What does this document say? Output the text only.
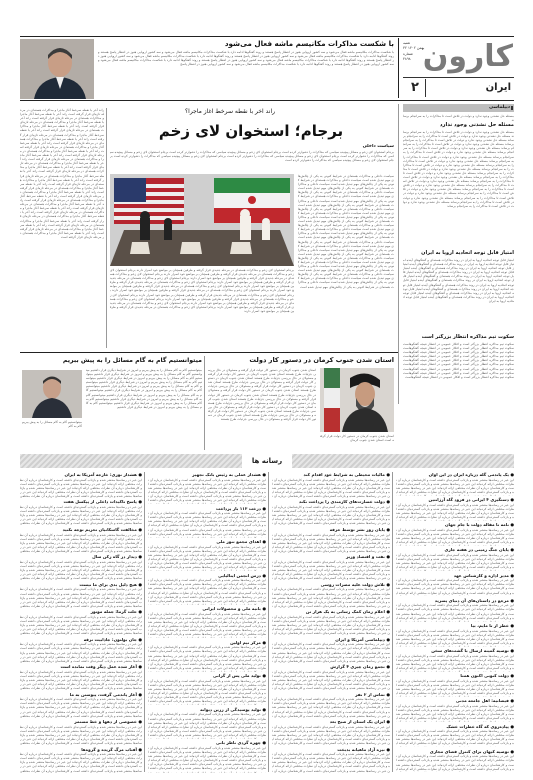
شنبه
۳۲ بهمن ۱۴۰۲
شماره
۴۸۹۸ کارون
ایران
۲
با شکست مذاکرات مکانیسم ماشه فعال می‌شود
با شکست مذاکرات مکانیسم ماشه فعال می‌شود و سه کشور اروپایی هنوز در انتظار پاسخ هستند و روند گفتگوها ادامه دارد با شکست مذاکرات مکانیسم ماشه فعال می‌شود و سه کشور اروپایی هنوز در انتظار پاسخ هستند و روند گفتگوها ادامه دارد با شکست مذاکرات مکانیسم ماشه فعال می‌شود و سه کشور اروپایی هنوز در انتظار پاسخ هستند و روند گفتگوها ادامه دارد با شکست مذاکرات مکانیسم ماشه فعال می‌شود و سه کشور اروپایی هنوز در انتظار پاسخ هستند و روند گفتگوها ادامه دارد با شکست مذاکرات مکانیسم ماشه فعال می‌شود و سه کشور اروپایی هنوز در انتظار پاسخ هستند و روند گفتگوها ادامه دارد با شکست مذاکرات مکانیسم ماشه فعال می‌شود و سه کشور اروپایی هنوز در انتظار پاسخ هستند و روند گفتگوها ادامه دارد با شکست مذاکرات مکانیسم ماشه فعال می‌شود و سه کشور اروپایی هنوز در انتظار پاسخ
دیپلماسی
مسئله حل نشدنی وجود ندارد و دولت در تلاش است تا مذاکرات را به سرانجام برساند
مسئله حل نشدنی وجود ندارد
مسئله حل نشدنی وجود ندارد و دولت در تلاش است تا مذاکرات را به سرانجام برساند مسئله حل نشدنی وجود ندارد و دولت در تلاش است تا مذاکرات را به سرانجام برساند مسئله حل نشدنی وجود ندارد و دولت در تلاش است تا مذاکرات را به سرانجام برساند مسئله حل نشدنی وجود ندارد و دولت در تلاش است تا مذاکرات را به سرانجام برساند مسئله حل نشدنی وجود ندارد و دولت در تلاش است تا مذاکرات را به سرانجام برساند مسئله حل نشدنی وجود ندارد و دولت در تلاش است تا مذاکرات را به سرانجام برساند مسئله حل نشدنی وجود ندارد و دولت در تلاش است تا مذاکرات را به سرانجام برساند مسئله حل نشدنی وجود ندارد و دولت در تلاش است تا مذاکرات را به سرانجام برساند مسئله حل نشدنی وجود ندارد و دولت در تلاش است تا مذاکرات را به سرانجام برساند مسئله حل نشدنی وجود ندارد و دولت در تلاش است تا مذاکرات را به سرانجام برساند مسئله حل نشدنی وجود ندارد و دولت در تلاش است تا مذاکرات را به سرانجام برساند مسئله حل نشدنی وجود ندارد و دولت در تلاش است تا مذاکرات را به سرانجام برساند مسئله حل نشدنی وجود ندارد و دولت در تلاش است تا مذاکرات را به سرانجام برساند مسئله حل نشدنی وجود ندارد و دولت در تلاش است تا مذاکرات را به سرانجام برساند مسئله حل نشدنی وجود ندارد و دولت در تلاش است تا مذاکرات را به سرانجام برساند مسئله حل نشدنی وجود ندارد و دولت در تلاش است تا مذاکرات را به سرانجام برساند مسئله حل نشدنی وجود ندارد و دولت در تلاش است تا مذاکرات را به سرانجام برساند مسئله حل نشدنی وجود ندارد و دولت در تلاش است تا مذاکرات را به سرانجام برساند
امتیاز قابل توجه اتحادیه اروپا به ایران
امتیاز قابل توجه اتحادیه اروپا به ایران در روند مذاکرات هسته‌ای و گفتگوهای آینده امتیاز قابل توجه اتحادیه اروپا به ایران در روند مذاکرات هسته‌ای و گفتگوهای آینده امتیاز قابل توجه اتحادیه اروپا به ایران در روند مذاکرات هسته‌ای و گفتگوهای آینده امتیاز قابل توجه اتحادیه اروپا به ایران در روند مذاکرات هسته‌ای و گفتگوهای آینده امتیاز قابل توجه اتحادیه اروپا به ایران در روند مذاکرات هسته‌ای و گفتگوهای آینده امتیاز قابل توجه اتحادیه اروپا به ایران در روند مذاکرات هسته‌ای و گفتگوهای آینده امتیاز قابل توجه اتحادیه اروپا به ایران در روند مذاکرات هسته‌ای و گفتگوهای آینده امتیاز قابل توجه اتحادیه اروپا به ایران در روند مذاکرات هسته‌ای و گفتگوهای آینده امتیاز قابل توجه اتحادیه اروپا به ایران در روند مذاکرات هسته‌ای و گفتگوهای آینده امتیاز قابل توجه اتحادیه اروپا به ایران در روند مذاکرات هسته‌ای و گفتگوهای آینده امتیاز قابل توجه اتحادیه اروپا به ایران
سکوت تیم مذاکره انتظار بزرگتر است
سکوت تیم مذاکره انتظار بزرگتر است و افکار عمومی در انتظار نتیجه گفتگوهاست سکوت تیم مذاکره انتظار بزرگتر است و افکار عمومی در انتظار نتیجه گفتگوهاست سکوت تیم مذاکره انتظار بزرگتر است و افکار عمومی در انتظار نتیجه گفتگوهاست سکوت تیم مذاکره انتظار بزرگتر است و افکار عمومی در انتظار نتیجه گفتگوهاست سکوت تیم مذاکره انتظار بزرگتر است و افکار عمومی در انتظار نتیجه گفتگوهاست سکوت تیم مذاکره انتظار بزرگتر است و افکار عمومی در انتظار نتیجه گفتگوهاست سکوت تیم مذاکره انتظار بزرگتر است و افکار عمومی در انتظار نتیجه گفتگوهاست سکوت تیم مذاکره انتظار بزرگتر است و افکار عمومی در انتظار نتیجه گفتگوهاست سکوت تیم مذاکره انتظار بزرگتر است و افکار عمومی در انتظار نتیجه گفتگوهاست
راند آخر با نقطه سرخط آغاز ماجرا؟
برجام؛ استخوان لای زخم
راند آخر با نقطه سرخط آغاز ماجرا و مذاکرات هسته‌ای در مرحله تازه‌ای قرار گرفته است راند آخر با نقطه سرخط آغاز ماجرا و مذاکرات هسته‌ای در مرحله تازه‌ای قرار گرفته است راند آخر با نقطه سرخط آغاز ماجرا و مذاکرات هسته‌ای در مرحله تازه‌ای قرار گرفته است راند آخر با نقطه سرخط آغاز ماجرا و مذاکرات هسته‌ای در مرحله تازه‌ای قرار گرفته است راند آخر با نقطه سرخط آغاز ماجرا و مذاکرات هسته‌ای در مرحله تازه‌ای قرار گرفته است راند آخر با نقطه سرخط آغاز ماجرا و مذاکرات هسته‌ای در مرحله تازه‌ای قرار گرفته است راند آخر با نقطه سرخط آغاز ماجرا و مذاکرات هسته‌ای در مرحله تازه‌ای قرار گرفته است راند آخر با نقطه سرخط آغاز ماجرا و مذاکرات هسته‌ای در مرحله تازه‌ای قرار گرفته است راند آخر با نقطه سرخط آغاز ماجرا و مذاکرات هسته‌ای در مرحله تازه‌ای قرار گرفته است راند آخر با نقطه سرخط آغاز ماجرا و مذاکرات هسته‌ای در مرحله تازه‌ای قرار گرفته است راند آخر با نقطه سرخط آغاز ماجرا و مذاکرات هسته‌ای در مرحله تازه‌ای قرار گرفته است راند آخر با نقطه سرخط آغاز ماجرا و مذاکرات هسته‌ای در مرحله تازه‌ای قرار گرفته است راند آخر با نقطه سرخط آغاز ماجرا و مذاکرات هسته‌ای در مرحله تازه‌ای قرار گرفته است راند آخر با نقطه سرخط آغاز ماجرا و مذاکرات هسته‌ای در مرحله تازه‌ای قرار گرفته است راند آخر با نقطه سرخط آغاز ماجرا و مذاکرات هسته‌ای در مرحله تازه‌ای قرار گرفته است راند آخر با نقطه سرخط آغاز ماجرا و مذاکرات هسته‌ای در مرحله تازه‌ای قرار گرفته است راند آخر با نقطه سرخط آغاز ماجرا و مذاکرات هسته‌ای در مرحله تازه‌ای قرار گرفته است راند آخر با نقطه سرخط آغاز ماجرا و مذاکرات هسته‌ای در مرحله تازه‌ای قرار گرفته است راند آخر با نقطه سرخط آغاز ماجرا و مذاکرات هسته‌ای در مرحله تازه‌ای قرار گرفته است راند آخر با نقطه سرخط آغاز ماجرا و مذاکرات هسته‌ای در مرحله تازه‌ای قرار گرفته است راند آخر با نقطه سرخط آغاز ماجرا و مذاکرات هسته‌ای در مرحله تازه‌ای قرار گرفته است راند آخر با نقطه سرخط آغاز ماجرا و مذاکرات هسته‌ای در مرحله تازه‌ای قرار گرفته است
سیاست داخلی
برجام استخوان لای زخم و مسائل پیچیده سیاسی که مذاکرات را دشوارتر کرده است برجام استخوان لای زخم و مسائل پیچیده سیاسی که مذاکرات را دشوارتر کرده است برجام استخوان لای زخم و مسائل پیچیده سیاسی که مذاکرات را دشوارتر کرده است برجام استخوان لای زخم و مسائل پیچیده سیاسی که مذاکرات را دشوارتر کرده است برجام استخوان لای زخم و مسائل پیچیده سیاسی که مذاکرات را دشوارتر کرده است برجام استخوان لای زخم و مسائل پیچیده سیاسی که مذاکرات را دشوارتر کرده است
سیاست داخلی و مذاکرات هسته‌ای در شرایط کنونی به یکی از چالش‌های مهم تبدیل شده است سیاست داخلی و مذاکرات هسته‌ای در شرایط کنونی به یکی از چالش‌های مهم تبدیل شده است سیاست داخلی و مذاکرات هسته‌ای در شرایط کنونی به یکی از چالش‌های مهم تبدیل شده است سیاست داخلی و مذاکرات هسته‌ای در شرایط کنونی به یکی از چالش‌های مهم تبدیل شده است سیاست داخلی و مذاکرات هسته‌ای در شرایط کنونی به یکی از چالش‌های مهم تبدیل شده است سیاست داخلی و مذاکرات هسته‌ای در شرایط کنونی به یکی از چالش‌های مهم تبدیل شده است سیاست داخلی و مذاکرات هسته‌ای در شرایط کنونی به یکی از چالش‌های مهم تبدیل شده است سیاست داخلی و مذاکرات هسته‌ای در شرایط کنونی به یکی از چالش‌های مهم تبدیل شده است سیاست داخلی و مذاکرات هسته‌ای در شرایط کنونی به یکی از چالش‌های مهم تبدیل شده است سیاست داخلی و مذاکرات هسته‌ای در شرایط کنونی به یکی از چالش‌های مهم تبدیل شده است سیاست داخلی و مذاکرات هسته‌ای در شرایط کنونی به یکی از چالش‌های مهم تبدیل شده است سیاست داخلی و مذاکرات هسته‌ای در شرایط کنونی به یکی از چالش‌های مهم تبدیل شده است سیاست داخلی و مذاکرات هسته‌ای در شرایط کنونی به یکی از چالش‌های مهم تبدیل شده است سیاست داخلی و مذاکرات هسته‌ای در شرایط کنونی به یکی از چالش‌های مهم تبدیل شده است سیاست داخلی و مذاکرات هسته‌ای در شرایط کنونی به یکی از چالش‌های مهم تبدیل شده است سیاست داخلی و مذاکرات هسته‌ای در شرایط کنونی به یکی از چالش‌های مهم تبدیل شده است سیاست داخلی و مذاکرات هسته‌ای در شرایط کنونی به یکی از چالش‌های مهم تبدیل شده است سیاست داخلی و مذاکرات هسته‌ای در شرایط کنونی به یکی از چالش‌های مهم تبدیل شده است سیاست داخلی و مذاکرات هسته‌ای در شرایط کنونی به یکی از چالش‌های مهم تبدیل شده است سیاست داخلی و مذاکرات هسته‌ای در شرایط کنونی به یکی از چالش‌های مهم تبدیل شده است سیاست داخلی و مذاکرات هسته‌ای در شرایط کنونی به یکی از چالش‌های مهم تبدیل شده است
برجام استخوان لای زخم و مذاکرات هسته‌ای در مرحله جدیدی قرار گرفته و طرفین همچنان بر مواضع خود اصرار دارند برجام استخوان لای زخم و مذاکرات هسته‌ای در مرحله جدیدی قرار گرفته و طرفین همچنان بر مواضع خود اصرار دارند برجام استخوان لای زخم و مذاکرات هسته‌ای در مرحله جدیدی قرار گرفته و طرفین همچنان بر مواضع خود اصرار دارند برجام استخوان لای زخم و مذاکرات هسته‌ای در مرحله جدیدی قرار گرفته و طرفین همچنان بر مواضع خود اصرار دارند برجام استخوان لای زخم و مذاکرات هسته‌ای در مرحله جدیدی قرار گرفته و طرفین همچنان بر مواضع خود اصرار دارند برجام استخوان لای زخم و مذاکرات هسته‌ای در مرحله جدیدی قرار گرفته و طرفین همچنان بر مواضع خود اصرار دارند برجام استخوان لای زخم و مذاکرات هسته‌ای در مرحله جدیدی قرار گرفته و طرفین همچنان بر مواضع خود اصرار دارند برجام استخوان لای زخم و مذاکرات هسته‌ای در مرحله جدیدی قرار گرفته و طرفین همچنان بر مواضع خود اصرار دارند برجام استخوان لای زخم و مذاکرات هسته‌ای در مرحله جدیدی قرار گرفته و طرفین همچنان بر مواضع خود اصرار دارند برجام استخوان لای زخم و مذاکرات هسته‌ای در مرحله جدیدی قرار گرفته و طرفین همچنان بر مواضع خود اصرار دارند برجام استخوان لای زخم و مذاکرات هسته‌ای در مرحله جدیدی قرار گرفته و طرفین همچنان بر مواضع خود اصرار دارند برجام استخوان لای زخم و مذاکرات هسته‌ای در مرحله جدیدی قرار گرفته و طرفین همچنان بر مواضع خود اصرار دارند
استان شدن جنوب کرمان در دستور کار دولت
میتوانستیم گام به گام مسائل را به پیش ببریم
استان شدن جنوب کرمان در دستور کار دولت قرار گرفته و مسئولان در حال بررسی جزئیات طرح هستند استان شدن جنوب کرمان در دستور کار دولت قرار گرفته و مسئولان در حال بررسی جزئیات طرح هستند استان شدن جنوب کرمان در دستور کار دولت قرار گرفته و مسئولان در حال بررسی جزئیات طرح هستند استان شدن جنوب کرمان در دستور کار دولت قرار گرفته و مسئولان در حال بررسی جزئیات طرح هستند استان شدن جنوب کرمان در دستور کار دولت قرار گرفته و مسئولان در حال بررسی جزئیات طرح هستند استان شدن جنوب کرمان در دستور کار دولت قرار گرفته و مسئولان در حال بررسی جزئیات طرح هستند استان شدن جنوب کرمان در دستور کار دولت قرار گرفته و مسئولان در حال بررسی جزئیات طرح هستند استان شدن جنوب کرمان در دستور کار دولت قرار گرفته و مسئولان در حال بررسی جزئیات طرح هستند استان شدن جنوب کرمان در دستور کار دولت قرار گرفته و مسئولان در حال بررسی جزئیات طرح هستند استان شدن جنوب کرمان در دستور کار دولت قرار گرفته و مسئولان در حال بررسی جزئیات طرح هستند
استان شدن جنوب کرمان در دستور کار دولت قرار گرفته است استان شدن جنوب کرمان
میتوانستیم گام به گام مسائل را به پیش ببریم گام به گام
میتوانستیم گام به گام مسائل را به پیش ببریم و امروز در شرایط دیگری قرار داشتیم میتوانستیم گام به گام مسائل را به پیش ببریم و امروز در شرایط دیگری قرار داشتیم میتوانستیم گام به گام مسائل را به پیش ببریم و امروز در شرایط دیگری قرار داشتیم میتوانستیم گام به گام مسائل را به پیش ببریم و امروز در شرایط دیگری قرار داشتیم میتوانستیم گام به گام مسائل را به پیش ببریم و امروز در شرایط دیگری قرار داشتیم میتوانستیم گام به گام مسائل را به پیش ببریم و امروز در شرایط دیگری قرار داشتیم میتوانستیم گام به گام مسائل را به پیش ببریم و امروز در شرایط دیگری قرار داشتیم میتوانستیم گام به گام مسائل را به پیش ببریم و امروز در شرایط دیگری قرار داشتیم میتوانستیم گام به گام مسائل را به پیش ببریم و امروز در شرایط دیگری قرار داشتیم میتوانستیم گام به گام مسائل را به پیش ببریم و امروز در شرایط دیگری قرار داشتیم
رسانه ها
● یک پاندمی گله درباره ایران در این اوان
این خبر در رسانه‌ها منتشر شده و بازتاب گسترده‌ای داشته است و کارشناسان درباره آن نظرات مختلفی ارائه کرده‌اند این خبر در رسانه‌ها منتشر شده و بازتاب گسترده‌ای داشته است و کارشناسان درباره آن نظرات مختلفی ارائه کرده‌اند این خبر در رسانه‌ها منتشر شده و بازتاب گسترده‌ای داشته است و کارشناسان درباره آن نظرات مختلفی ارائه کرده‌اند این خبر در رسانه‌ها منتشر شده و بازتاب گسترده‌ای داشته است و کارشناسان درباره آن نظرات مختلفی ارائه کرده‌اند این خبر در رسانه‌ها منتشر شده و بازتاب گسترده‌ای داشته است و کارشناسان درباره آن نظرات مختلفی ارائه کرده‌اند این خبر در رسانه‌ها منتشر شده و بازتاب گسترده‌ای داشته است و کارشناسان درباره آن نظرات مختلفی ارائه کرده‌اند
● دستگیری ۴ ایرانی در فرود گاه آرژانتین
این خبر در رسانه‌ها منتشر شده و بازتاب گسترده‌ای داشته است و کارشناسان درباره آن نظرات مختلفی ارائه کرده‌اند این خبر در رسانه‌ها منتشر شده و بازتاب گسترده‌ای داشته است و کارشناسان درباره آن نظرات مختلفی ارائه کرده‌اند این خبر در رسانه‌ها منتشر شده و بازتاب گسترده‌ای داشته است و کارشناسان درباره آن نظرات مختلفی ارائه کرده‌اند این خبر در رسانه‌ها منتشر شده و بازتاب گسترده‌ای داشته است و کارشناسان درباره آن نظرات مختلفی ارائه کرده‌اند این خبر در رسانه‌ها منتشر شده و بازتاب گسترده‌ای داشته است و کارشناسان درباره آن نظرات مختلفی ارائه کرده‌اند این خبر در رسانه‌ها منتشر شده و بازتاب گسترده‌ای داشته است و کارشناسان درباره آن نظرات مختلفی ارائه کرده‌اند
● نامه تا مقاله دولت با جام جهان
این خبر در رسانه‌ها منتشر شده و بازتاب گسترده‌ای داشته است و کارشناسان درباره آن نظرات مختلفی ارائه کرده‌اند این خبر در رسانه‌ها منتشر شده و بازتاب گسترده‌ای داشته است و کارشناسان درباره آن نظرات مختلفی ارائه کرده‌اند این خبر در رسانه‌ها منتشر شده و بازتاب گسترده‌ای داشته است و کارشناسان درباره آن نظرات مختلفی ارائه کرده‌اند این خبر در رسانه‌ها منتشر شده و بازتاب گسترده‌ای داشته است و کارشناسان درباره آن نظرات مختلفی ارائه کرده‌اند این خبر در رسانه‌ها منتشر شده و بازتاب گسترده‌ای داشته است و کارشناسان درباره آن نظرات مختلفی ارائه کرده‌اند این خبر در رسانه‌ها منتشر شده و بازتاب گسترده‌ای داشته است و کارشناسان درباره آن نظرات مختلفی ارائه کرده‌اند
● پایان جنگ زمینی در هفته جاری
این خبر در رسانه‌ها منتشر شده و بازتاب گسترده‌ای داشته است و کارشناسان درباره آن نظرات مختلفی ارائه کرده‌اند این خبر در رسانه‌ها منتشر شده و بازتاب گسترده‌ای داشته است و کارشناسان درباره آن نظرات مختلفی ارائه کرده‌اند این خبر در رسانه‌ها منتشر شده و بازتاب گسترده‌ای داشته است و کارشناسان درباره آن نظرات مختلفی ارائه کرده‌اند این خبر در رسانه‌ها منتشر شده و بازتاب گسترده‌ای داشته است و کارشناسان درباره آن نظرات مختلفی ارائه کرده‌اند این خبر در رسانه‌ها منتشر شده و بازتاب گسترده‌ای داشته است و کارشناسان درباره آن نظرات مختلفی ارائه کرده‌اند این خبر در رسانه‌ها منتشر شده و بازتاب گسترده‌ای داشته است و کارشناسان درباره آن نظرات مختلفی ارائه کرده‌اند
● مدیر اداره و کارشناس عهد
این خبر در رسانه‌ها منتشر شده و بازتاب گسترده‌ای داشته است و کارشناسان درباره آن نظرات مختلفی ارائه کرده‌اند این خبر در رسانه‌ها منتشر شده و بازتاب گسترده‌ای داشته است و کارشناسان درباره آن نظرات مختلفی ارائه کرده‌اند این خبر در رسانه‌ها منتشر شده و بازتاب گسترده‌ای داشته است و کارشناسان درباره آن نظرات مختلفی ارائه کرده‌اند این خبر در رسانه‌ها منتشر شده و بازتاب گسترده‌ای داشته است و کارشناسان درباره آن نظرات مختلفی ارائه کرده‌اند این خبر در رسانه‌ها منتشر شده و بازتاب گسترده‌ای داشته است و کارشناسان درباره آن نظرات مختلفی ارائه کرده‌اند این خبر در رسانه‌ها منتشر شده و بازتاب گسترده‌ای داشته است و کارشناسان درباره آن نظرات مختلفی ارائه کرده‌اند
● مرجع در داستان‌های آن دنیای پسرید
این خبر در رسانه‌ها منتشر شده و بازتاب گسترده‌ای داشته است و کارشناسان درباره آن نظرات مختلفی ارائه کرده‌اند این خبر در رسانه‌ها منتشر شده و بازتاب گسترده‌ای داشته است و کارشناسان درباره آن نظرات مختلفی ارائه کرده‌اند این خبر در رسانه‌ها منتشر شده و بازتاب گسترده‌ای داشته است و کارشناسان درباره آن نظرات مختلفی ارائه کرده‌اند این خبر در رسانه‌ها منتشر شده و بازتاب گسترده‌ای داشته است و کارشناسان درباره آن نظرات مختلفی ارائه کرده‌اند این خبر در رسانه‌ها منتشر شده و بازتاب گسترده‌ای داشته است و کارشناسان درباره آن نظرات مختلفی ارائه کرده‌اند این خبر در رسانه‌ها منتشر شده و بازتاب گسترده‌ای داشته است و کارشناسان درباره آن نظرات مختلفی ارائه کرده‌اند
● خطر از تا مایم، بیا
این خبر در رسانه‌ها منتشر شده و بازتاب گسترده‌ای داشته است و کارشناسان درباره آن نظرات مختلفی ارائه کرده‌اند این خبر در رسانه‌ها منتشر شده و بازتاب گسترده‌ای داشته است و کارشناسان درباره آن نظرات مختلفی ارائه کرده‌اند این خبر در رسانه‌ها منتشر شده و بازتاب گسترده‌ای داشته است و کارشناسان درباره آن نظرات مختلفی ارائه کرده‌اند این خبر در رسانه‌ها منتشر شده و بازتاب گسترده‌ای داشته است و کارشناسان درباره آن نظرات مختلفی ارائه کرده‌اند این خبر در رسانه‌ها منتشر شده و بازتاب گسترده‌ای داشته است و کارشناسان درباره آن نظرات مختلفی ارائه کرده‌اند این خبر در رسانه‌ها منتشر شده و بازتاب گسترده‌ای داشته است و کارشناسان درباره آن نظرات مختلفی ارائه کرده‌اند
● توصیه گمینه ارسال با گشت‌های سخن
این خبر در رسانه‌ها منتشر شده و بازتاب گسترده‌ای داشته است و کارشناسان درباره آن نظرات مختلفی ارائه کرده‌اند این خبر در رسانه‌ها منتشر شده و بازتاب گسترده‌ای داشته است و کارشناسان درباره آن نظرات مختلفی ارائه کرده‌اند این خبر در رسانه‌ها منتشر شده و بازتاب گسترده‌ای داشته است و کارشناسان درباره آن نظرات مختلفی ارائه کرده‌اند این خبر در رسانه‌ها منتشر شده و بازتاب گسترده‌ای داشته است و کارشناسان درباره آن نظرات مختلفی ارائه کرده‌اند این خبر در رسانه‌ها منتشر شده و بازتاب گسترده‌ای داشته است و کارشناسان درباره آن نظرات مختلفی ارائه کرده‌اند این خبر در رسانه‌ها منتشر شده و بازتاب گسترده‌ای داشته است و کارشناسان درباره آن نظرات مختلفی ارائه کرده‌اند
● دولت کنونی اکنون همتا
این خبر در رسانه‌ها منتشر شده و بازتاب گسترده‌ای داشته است و کارشناسان درباره آن نظرات مختلفی ارائه کرده‌اند این خبر در رسانه‌ها منتشر شده و بازتاب گسترده‌ای داشته است و کارشناسان درباره آن نظرات مختلفی ارائه کرده‌اند این خبر در رسانه‌ها منتشر شده و بازتاب گسترده‌ای داشته است و کارشناسان درباره آن نظرات مختلفی ارائه کرده‌اند این خبر در رسانه‌ها منتشر شده و بازتاب گسترده‌ای داشته است و کارشناسان درباره آن نظرات مختلفی ارائه کرده‌اند این خبر در رسانه‌ها منتشر شده و بازتاب گسترده‌ای داشته است و کارشناسان درباره آن نظرات مختلفی ارائه کرده‌اند این خبر در رسانه‌ها منتشر شده و بازتاب گسترده‌ای داشته است و کارشناسان درباره آن نظرات مختلفی ارائه کرده‌اند
● فیضانیه: اهل جامعه مدنی
این خبر در رسانه‌ها منتشر شده و بازتاب گسترده‌ای داشته است و کارشناسان درباره آن نظرات مختلفی ارائه کرده‌اند این خبر در رسانه‌ها منتشر شده و بازتاب گسترده‌ای داشته است و کارشناسان درباره آن نظرات مختلفی ارائه کرده‌اند این خبر در رسانه‌ها منتشر شده و بازتاب گسترده‌ای داشته است و کارشناسان درباره آن نظرات مختلفی ارائه کرده‌اند این خبر در رسانه‌ها منتشر شده و بازتاب گسترده‌ای داشته است و کارشناسان درباره آن نظرات مختلفی ارائه کرده‌اند این خبر در رسانه‌ها منتشر شده و بازتاب گسترده‌ای داشته است و کارشناسان درباره آن نظرات مختلفی ارائه کرده‌اند این خبر در رسانه‌ها منتشر شده و بازتاب گسترده‌ای داشته است و کارشناسان درباره آن نظرات مختلفی ارائه کرده‌اند
● پیاده‌روی که گاه خطرات خشک
این خبر در رسانه‌ها منتشر شده و بازتاب گسترده‌ای داشته است و کارشناسان درباره آن نظرات مختلفی ارائه کرده‌اند این خبر در رسانه‌ها منتشر شده و بازتاب گسترده‌ای داشته است و کارشناسان درباره آن نظرات مختلفی ارائه کرده‌اند این خبر در رسانه‌ها منتشر شده و بازتاب گسترده‌ای داشته است و کارشناسان درباره آن نظرات مختلفی ارائه کرده‌اند این خبر در رسانه‌ها منتشر شده و بازتاب گسترده‌ای داشته است و کارشناسان درباره آن نظرات مختلفی ارائه کرده‌اند این خبر در رسانه‌ها منتشر شده و بازتاب گسترده‌ای داشته است و کارشناسان درباره آن نظرات مختلفی ارائه کرده‌اند این خبر در رسانه‌ها منتشر شده و بازتاب گسترده‌ای داشته است و کارشناسان درباره آن نظرات مختلفی ارائه کرده‌اند
● توصیه کیهان برای کنترل فضای مجازی
این خبر در رسانه‌ها منتشر شده و بازتاب گسترده‌ای داشته است و کارشناسان درباره آن نظرات مختلفی ارائه کرده‌اند این خبر در رسانه‌ها منتشر شده و بازتاب گسترده‌ای داشته است و کارشناسان درباره آن نظرات مختلفی ارائه کرده‌اند این خبر در رسانه‌ها منتشر شده و بازتاب گسترده‌ای داشته است و کارشناسان درباره آن نظرات مختلفی ارائه کرده‌اند این خبر در رسانه‌ها منتشر شده و بازتاب گسترده‌ای داشته است و کارشناسان درباره آن نظرات مختلفی ارائه کرده‌اند این خبر در رسانه‌ها منتشر شده و بازتاب گسترده‌ای داشته است و کارشناسان درباره آن نظرات مختلفی ارائه کرده‌اند این خبر در رسانه‌ها منتشر شده و بازتاب گسترده‌ای داشته است و کارشناسان درباره آن نظرات مختلفی ارائه کرده‌اند
● مالیات محیطی به شرایط خود اقدام کند
این خبر در رسانه‌ها منتشر شده و بازتاب گسترده‌ای داشته است و کارشناسان درباره آن نظرات مختلفی ارائه کرده‌اند این خبر در رسانه‌ها منتشر شده و بازتاب گسترده‌ای داشته است و کارشناسان درباره آن نظرات مختلفی ارائه کرده‌اند این خبر در رسانه‌ها منتشر شده و بازتاب گسترده‌ای داشته است و کارشناسان درباره آن نظرات مختلفی ارائه کرده‌اند این خبر در رسانه‌ها منتشر شده و بازتاب گسترده‌ای داشته است و کارشناسان درباره آن نظرات مختلفی ارائه کرده‌اند این خبر در رسانه‌ها منتشر شده و بازتاب گسترده‌ای داشته است و کارشناسان درباره آن نظرات مختلفی ارائه کرده‌اند این خبر در رسانه‌ها منتشر شده و بازتاب گسترده‌ای داشته است و کارشناسان درباره آن نظرات مختلفی ارائه کرده‌اند
● دولت خسارت‌های کارمندی را پرداخت نکند
این خبر در رسانه‌ها منتشر شده و بازتاب گسترده‌ای داشته است و کارشناسان درباره آن نظرات مختلفی ارائه کرده‌اند این خبر در رسانه‌ها منتشر شده و بازتاب گسترده‌ای داشته است و کارشناسان درباره آن نظرات مختلفی ارائه کرده‌اند این خبر در رسانه‌ها منتشر شده و بازتاب گسترده‌ای داشته است و کارشناسان درباره آن نظرات مختلفی ارائه کرده‌اند این خبر در رسانه‌ها منتشر شده و بازتاب گسترده‌ای داشته است و کارشناسان درباره آن نظرات مختلفی ارائه کرده‌اند این خبر در رسانه‌ها منتشر شده و بازتاب گسترده‌ای داشته است و کارشناسان درباره آن نظرات مختلفی ارائه کرده‌اند این خبر در رسانه‌ها منتشر شده و بازتاب گسترده‌ای داشته است و کارشناسان درباره آن نظرات مختلفی ارائه کرده‌اند
● پایان روز نشر توسط حرفه
این خبر در رسانه‌ها منتشر شده و بازتاب گسترده‌ای داشته است و کارشناسان درباره آن نظرات مختلفی ارائه کرده‌اند این خبر در رسانه‌ها منتشر شده و بازتاب گسترده‌ای داشته است و کارشناسان درباره آن نظرات مختلفی ارائه کرده‌اند این خبر در رسانه‌ها منتشر شده و بازتاب گسترده‌ای داشته است و کارشناسان درباره آن نظرات مختلفی ارائه کرده‌اند این خبر در رسانه‌ها منتشر شده و بازتاب گسترده‌ای داشته است و کارشناسان درباره آن نظرات مختلفی ارائه کرده‌اند این خبر در رسانه‌ها منتشر شده و بازتاب گسترده‌ای داشته است و کارشناسان درباره آن نظرات مختلفی ارائه کرده‌اند این خبر در رسانه‌ها منتشر شده و بازتاب گسترده‌ای داشته است و کارشناسان درباره آن نظرات مختلفی ارائه کرده‌اند
● نفت و اقتصاد وزیر
این خبر در رسانه‌ها منتشر شده و بازتاب گسترده‌ای داشته است و کارشناسان درباره آن نظرات مختلفی ارائه کرده‌اند این خبر در رسانه‌ها منتشر شده و بازتاب گسترده‌ای داشته است و کارشناسان درباره آن نظرات مختلفی ارائه کرده‌اند این خبر در رسانه‌ها منتشر شده و بازتاب گسترده‌ای داشته است و کارشناسان درباره آن نظرات مختلفی ارائه کرده‌اند این خبر در رسانه‌ها منتشر شده و بازتاب گسترده‌ای داشته است و کارشناسان درباره آن نظرات مختلفی ارائه کرده‌اند این خبر در رسانه‌ها منتشر شده و بازتاب گسترده‌ای داشته است و کارشناسان درباره آن نظرات مختلفی ارائه کرده‌اند این خبر در رسانه‌ها منتشر شده و بازتاب گسترده‌ای داشته است و کارشناسان درباره آن نظرات مختلفی ارائه کرده‌اند
● تلاش دولت علیه مضرات روسی
این خبر در رسانه‌ها منتشر شده و بازتاب گسترده‌ای داشته است و کارشناسان درباره آن نظرات مختلفی ارائه کرده‌اند این خبر در رسانه‌ها منتشر شده و بازتاب گسترده‌ای داشته است و کارشناسان درباره آن نظرات مختلفی ارائه کرده‌اند این خبر در رسانه‌ها منتشر شده و بازتاب گسترده‌ای داشته است و کارشناسان درباره آن نظرات مختلفی ارائه کرده‌اند این خبر در رسانه‌ها منتشر شده و بازتاب گسترده‌ای داشته است و کارشناسان درباره آن نظرات مختلفی ارائه کرده‌اند این خبر در رسانه‌ها منتشر شده و بازتاب گسترده‌ای داشته است و کارشناسان درباره آن نظرات مختلفی ارائه کرده‌اند این خبر در رسانه‌ها منتشر شده و بازتاب گسترده‌ای داشته است و کارشناسان درباره آن نظرات مختلفی ارائه کرده‌اند
● اعلام زمان کمک رسانی به یک هزار تن
این خبر در رسانه‌ها منتشر شده و بازتاب گسترده‌ای داشته است و کارشناسان درباره آن نظرات مختلفی ارائه کرده‌اند این خبر در رسانه‌ها منتشر شده و بازتاب گسترده‌ای داشته است و کارشناسان درباره آن نظرات مختلفی ارائه کرده‌اند این خبر در رسانه‌ها منتشر شده و بازتاب گسترده‌ای داشته است و کارشناسان درباره آن نظرات مختلفی ارائه کرده‌اند این خبر در رسانه‌ها منتشر شده و بازتاب گسترده‌ای داشته است و کارشناسان درباره آن نظرات مختلفی ارائه کرده‌اند این خبر در رسانه‌ها منتشر شده و بازتاب گسترده‌ای داشته است و کارشناسان درباره آن نظرات مختلفی ارائه کرده‌اند این خبر در رسانه‌ها منتشر شده و بازتاب گسترده‌ای داشته است و کارشناسان درباره آن نظرات مختلفی ارائه کرده‌اند
● دیپلماسی آمریکا و ایران
این خبر در رسانه‌ها منتشر شده و بازتاب گسترده‌ای داشته است و کارشناسان درباره آن نظرات مختلفی ارائه کرده‌اند این خبر در رسانه‌ها منتشر شده و بازتاب گسترده‌ای داشته است و کارشناسان درباره آن نظرات مختلفی ارائه کرده‌اند این خبر در رسانه‌ها منتشر شده و بازتاب گسترده‌ای داشته است و کارشناسان درباره آن نظرات مختلفی ارائه کرده‌اند این خبر در رسانه‌ها منتشر شده و بازتاب گسترده‌ای داشته است و کارشناسان درباره آن نظرات مختلفی ارائه کرده‌اند این خبر در رسانه‌ها منتشر شده و بازتاب گسترده‌ای داشته است و کارشناسان درباره آن نظرات مختلفی ارائه کرده‌اند این خبر در رسانه‌ها منتشر شده و بازتاب گسترده‌ای داشته است و کارشناسان درباره آن نظرات مختلفی ارائه کرده‌اند
● تجمع زمان چیزی ۴ گزارش
این خبر در رسانه‌ها منتشر شده و بازتاب گسترده‌ای داشته است و کارشناسان درباره آن نظرات مختلفی ارائه کرده‌اند این خبر در رسانه‌ها منتشر شده و بازتاب گسترده‌ای داشته است و کارشناسان درباره آن نظرات مختلفی ارائه کرده‌اند این خبر در رسانه‌ها منتشر شده و بازتاب گسترده‌ای داشته است و کارشناسان درباره آن نظرات مختلفی ارائه کرده‌اند این خبر در رسانه‌ها منتشر شده و بازتاب گسترده‌ای داشته است و کارشناسان درباره آن نظرات مختلفی ارائه کرده‌اند این خبر در رسانه‌ها منتشر شده و بازتاب گسترده‌ای داشته است و کارشناسان درباره آن نظرات مختلفی ارائه کرده‌اند این خبر در رسانه‌ها منتشر شده و بازتاب گسترده‌ای داشته است و کارشناسان درباره آن نظرات مختلفی ارائه کرده‌اند
● تماس از ۲ نفر
این خبر در رسانه‌ها منتشر شده و بازتاب گسترده‌ای داشته است و کارشناسان درباره آن نظرات مختلفی ارائه کرده‌اند این خبر در رسانه‌ها منتشر شده و بازتاب گسترده‌ای داشته است و کارشناسان درباره آن نظرات مختلفی ارائه کرده‌اند این خبر در رسانه‌ها منتشر شده و بازتاب گسترده‌ای داشته است و کارشناسان درباره آن نظرات مختلفی ارائه کرده‌اند این خبر در رسانه‌ها منتشر شده و بازتاب گسترده‌ای داشته است و کارشناسان درباره آن نظرات مختلفی ارائه کرده‌اند این خبر در رسانه‌ها منتشر شده و بازتاب گسترده‌ای داشته است و کارشناسان درباره آن نظرات مختلفی ارائه کرده‌اند این خبر در رسانه‌ها منتشر شده و بازتاب گسترده‌ای داشته است و کارشناسان درباره آن نظرات مختلفی ارائه کرده‌اند
● ایران یک استان از صبح بعد
این خبر در رسانه‌ها منتشر شده و بازتاب گسترده‌ای داشته است و کارشناسان درباره آن نظرات مختلفی ارائه کرده‌اند این خبر در رسانه‌ها منتشر شده و بازتاب گسترده‌ای داشته است و کارشناسان درباره آن نظرات مختلفی ارائه کرده‌اند این خبر در رسانه‌ها منتشر شده و بازتاب گسترده‌ای داشته است و کارشناسان درباره آن نظرات مختلفی ارائه کرده‌اند این خبر در رسانه‌ها منتشر شده و بازتاب گسترده‌ای داشته است و کارشناسان درباره آن نظرات مختلفی ارائه کرده‌اند این خبر در رسانه‌ها منتشر شده و بازتاب گسترده‌ای داشته است و کارشناسان درباره آن نظرات مختلفی ارائه کرده‌اند این خبر در رسانه‌ها منتشر شده و بازتاب گسترده‌ای داشته است و کارشناسان درباره آن نظرات مختلفی ارائه کرده‌اند
● نیزه آزاد ماهیانه بدبخت
این خبر در رسانه‌ها منتشر شده و بازتاب گسترده‌ای داشته است و کارشناسان درباره آن نظرات مختلفی ارائه کرده‌اند این خبر در رسانه‌ها منتشر شده و بازتاب گسترده‌ای داشته است و کارشناسان درباره آن نظرات مختلفی ارائه کرده‌اند این خبر در رسانه‌ها منتشر شده و بازتاب گسترده‌ای داشته است و کارشناسان درباره آن نظرات مختلفی ارائه کرده‌اند این خبر در رسانه‌ها منتشر شده و بازتاب گسترده‌ای داشته است و کارشناسان درباره آن نظرات مختلفی ارائه کرده‌اند این خبر در رسانه‌ها منتشر شده و بازتاب گسترده‌ای داشته است و کارشناسان درباره آن نظرات مختلفی ارائه کرده‌اند این خبر در رسانه‌ها منتشر شده و بازتاب گسترده‌ای داشته است و کارشناسان درباره آن نظرات مختلفی ارائه کرده‌اند
● هشدار عملی به رئیس بانک تجهیز
این خبر در رسانه‌ها منتشر شده و بازتاب گسترده‌ای داشته است و کارشناسان درباره آن نظرات مختلفی ارائه کرده‌اند این خبر در رسانه‌ها منتشر شده و بازتاب گسترده‌ای داشته است و کارشناسان درباره آن نظرات مختلفی ارائه کرده‌اند این خبر در رسانه‌ها منتشر شده و بازتاب گسترده‌ای داشته است و کارشناسان درباره آن نظرات مختلفی ارائه کرده‌اند این خبر در رسانه‌ها منتشر شده و بازتاب گسترده‌ای داشته است و کارشناسان درباره آن نظرات مختلفی ارائه کرده‌اند این خبر در رسانه‌ها منتشر شده و بازتاب گسترده‌ای داشته است و کارشناسان درباره آن نظرات مختلفی ارائه کرده‌اند این خبر در رسانه‌ها منتشر شده و بازتاب گسترده‌ای داشته است و کارشناسان درباره آن نظرات مختلفی ارائه کرده‌اند
● درخت ۱۱۳ بار پرداخت
این خبر در رسانه‌ها منتشر شده و بازتاب گسترده‌ای داشته است و کارشناسان درباره آن نظرات مختلفی ارائه کرده‌اند این خبر در رسانه‌ها منتشر شده و بازتاب گسترده‌ای داشته است و کارشناسان درباره آن نظرات مختلفی ارائه کرده‌اند این خبر در رسانه‌ها منتشر شده و بازتاب گسترده‌ای داشته است و کارشناسان درباره آن نظرات مختلفی ارائه کرده‌اند این خبر در رسانه‌ها منتشر شده و بازتاب گسترده‌ای داشته است و کارشناسان درباره آن نظرات مختلفی ارائه کرده‌اند این خبر در رسانه‌ها منتشر شده و بازتاب گسترده‌ای داشته است و کارشناسان درباره آن نظرات مختلفی ارائه کرده‌اند این خبر در رسانه‌ها منتشر شده و بازتاب گسترده‌ای داشته است و کارشناسان درباره آن نظرات مختلفی ارائه کرده‌اند
● اهدای مجمع تنور ملی
این خبر در رسانه‌ها منتشر شده و بازتاب گسترده‌ای داشته است و کارشناسان درباره آن نظرات مختلفی ارائه کرده‌اند این خبر در رسانه‌ها منتشر شده و بازتاب گسترده‌ای داشته است و کارشناسان درباره آن نظرات مختلفی ارائه کرده‌اند این خبر در رسانه‌ها منتشر شده و بازتاب گسترده‌ای داشته است و کارشناسان درباره آن نظرات مختلفی ارائه کرده‌اند این خبر در رسانه‌ها منتشر شده و بازتاب گسترده‌ای داشته است و کارشناسان درباره آن نظرات مختلفی ارائه کرده‌اند این خبر در رسانه‌ها منتشر شده و بازتاب گسترده‌ای داشته است و کارشناسان درباره آن نظرات مختلفی ارائه کرده‌اند این خبر در رسانه‌ها منتشر شده و بازتاب گسترده‌ای داشته است و کارشناسان درباره آن نظرات مختلفی ارائه کرده‌اند
● درس انجمن ایتالیایی
این خبر در رسانه‌ها منتشر شده و بازتاب گسترده‌ای داشته است و کارشناسان درباره آن نظرات مختلفی ارائه کرده‌اند این خبر در رسانه‌ها منتشر شده و بازتاب گسترده‌ای داشته است و کارشناسان درباره آن نظرات مختلفی ارائه کرده‌اند این خبر در رسانه‌ها منتشر شده و بازتاب گسترده‌ای داشته است و کارشناسان درباره آن نظرات مختلفی ارائه کرده‌اند این خبر در رسانه‌ها منتشر شده و بازتاب گسترده‌ای داشته است و کارشناسان درباره آن نظرات مختلفی ارائه کرده‌اند این خبر در رسانه‌ها منتشر شده و بازتاب گسترده‌ای داشته است و کارشناسان درباره آن نظرات مختلفی ارائه کرده‌اند این خبر در رسانه‌ها منتشر شده و بازتاب گسترده‌ای داشته است و کارشناسان درباره آن نظرات مختلفی ارائه کرده‌اند
● بانیه ملی و محصولات ایرانی
این خبر در رسانه‌ها منتشر شده و بازتاب گسترده‌ای داشته است و کارشناسان درباره آن نظرات مختلفی ارائه کرده‌اند این خبر در رسانه‌ها منتشر شده و بازتاب گسترده‌ای داشته است و کارشناسان درباره آن نظرات مختلفی ارائه کرده‌اند این خبر در رسانه‌ها منتشر شده و بازتاب گسترده‌ای داشته است و کارشناسان درباره آن نظرات مختلفی ارائه کرده‌اند این خبر در رسانه‌ها منتشر شده و بازتاب گسترده‌ای داشته است و کارشناسان درباره آن نظرات مختلفی ارائه کرده‌اند این خبر در رسانه‌ها منتشر شده و بازتاب گسترده‌ای داشته است و کارشناسان درباره آن نظرات مختلفی ارائه کرده‌اند این خبر در رسانه‌ها منتشر شده و بازتاب گسترده‌ای داشته است و کارشناسان درباره آن نظرات مختلفی ارائه کرده‌اند
● مرکز تیم اولین
این خبر در رسانه‌ها منتشر شده و بازتاب گسترده‌ای داشته است و کارشناسان درباره آن نظرات مختلفی ارائه کرده‌اند این خبر در رسانه‌ها منتشر شده و بازتاب گسترده‌ای داشته است و کارشناسان درباره آن نظرات مختلفی ارائه کرده‌اند این خبر در رسانه‌ها منتشر شده و بازتاب گسترده‌ای داشته است و کارشناسان درباره آن نظرات مختلفی ارائه کرده‌اند این خبر در رسانه‌ها منتشر شده و بازتاب گسترده‌ای داشته است و کارشناسان درباره آن نظرات مختلفی ارائه کرده‌اند این خبر در رسانه‌ها منتشر شده و بازتاب گسترده‌ای داشته است و کارشناسان درباره آن نظرات مختلفی ارائه کرده‌اند این خبر در رسانه‌ها منتشر شده و بازتاب گسترده‌ای داشته است و کارشناسان درباره آن نظرات مختلفی ارائه کرده‌اند
● تولید ملی پس از گرانی
این خبر در رسانه‌ها منتشر شده و بازتاب گسترده‌ای داشته است و کارشناسان درباره آن نظرات مختلفی ارائه کرده‌اند این خبر در رسانه‌ها منتشر شده و بازتاب گسترده‌ای داشته است و کارشناسان درباره آن نظرات مختلفی ارائه کرده‌اند این خبر در رسانه‌ها منتشر شده و بازتاب گسترده‌ای داشته است و کارشناسان درباره آن نظرات مختلفی ارائه کرده‌اند این خبر در رسانه‌ها منتشر شده و بازتاب گسترده‌ای داشته است و کارشناسان درباره آن نظرات مختلفی ارائه کرده‌اند این خبر در رسانه‌ها منتشر شده و بازتاب گسترده‌ای داشته است و کارشناسان درباره آن نظرات مختلفی ارائه کرده‌اند این خبر در رسانه‌ها منتشر شده و بازتاب گسترده‌ای داشته است و کارشناسان درباره آن نظرات مختلفی ارائه کرده‌اند
● تولید پوسیدگی از رزین دیوانه
این خبر در رسانه‌ها منتشر شده و بازتاب گسترده‌ای داشته است و کارشناسان درباره آن نظرات مختلفی ارائه کرده‌اند این خبر در رسانه‌ها منتشر شده و بازتاب گسترده‌ای داشته است و کارشناسان درباره آن نظرات مختلفی ارائه کرده‌اند این خبر در رسانه‌ها منتشر شده و بازتاب گسترده‌ای داشته است و کارشناسان درباره آن نظرات مختلفی ارائه کرده‌اند این خبر در رسانه‌ها منتشر شده و بازتاب گسترده‌ای داشته است و کارشناسان درباره آن نظرات مختلفی ارائه کرده‌اند این خبر در رسانه‌ها منتشر شده و بازتاب گسترده‌ای داشته است و کارشناسان درباره آن نظرات مختلفی ارائه کرده‌اند این خبر در رسانه‌ها منتشر شده و بازتاب گسترده‌ای داشته است و کارشناسان درباره آن نظرات مختلفی ارائه کرده‌اند
● چهره گردی ناظر بانی
این خبر در رسانه‌ها منتشر شده و بازتاب گسترده‌ای داشته است و کارشناسان درباره آن نظرات مختلفی ارائه کرده‌اند این خبر در رسانه‌ها منتشر شده و بازتاب گسترده‌ای داشته است و کارشناسان درباره آن نظرات مختلفی ارائه کرده‌اند این خبر در رسانه‌ها منتشر شده و بازتاب گسترده‌ای داشته است و کارشناسان درباره آن نظرات مختلفی ارائه کرده‌اند این خبر در رسانه‌ها منتشر شده و بازتاب گسترده‌ای داشته است و کارشناسان درباره آن نظرات مختلفی ارائه کرده‌اند این خبر در رسانه‌ها منتشر شده و بازتاب گسترده‌ای داشته است و کارشناسان درباره آن نظرات مختلفی ارائه کرده‌اند این خبر در رسانه‌ها منتشر شده و بازتاب گسترده‌ای داشته است و کارشناسان درباره آن نظرات مختلفی ارائه کرده‌اند
● هشدار نوری: خارجه آمریکا به ایران
این خبر در رسانه‌ها منتشر شده و بازتاب گسترده‌ای داشته است و کارشناسان درباره آن نظرات مختلفی ارائه کرده‌اند این خبر در رسانه‌ها منتشر شده و بازتاب گسترده‌ای داشته است و کارشناسان درباره آن نظرات مختلفی ارائه کرده‌اند این خبر در رسانه‌ها منتشر شده و بازتاب گسترده‌ای داشته است و کارشناسان درباره آن نظرات مختلفی ارائه کرده‌اند این خبر در رسانه‌ها منتشر شده و بازتاب گسترده‌ای داشته است و کارشناسان درباره آن نظرات مختلفی ارائه کرده‌اند این خبر در رسانه‌ها منتشر شده و بازتاب گسترده‌ای داشته است و کارشناسان درباره آن نظرات مختلفی ارائه کرده‌اند این خبر در رسانه‌ها منتشر شده و بازتاب گسترده‌ای داشته است و کارشناسان درباره آن نظرات مختلفی ارائه کرده‌اند
● پاسخ تاکیدات داخلی از پیکسل هفت
این خبر در رسانه‌ها منتشر شده و بازتاب گسترده‌ای داشته است و کارشناسان درباره آن نظرات مختلفی ارائه کرده‌اند این خبر در رسانه‌ها منتشر شده و بازتاب گسترده‌ای داشته است و کارشناسان درباره آن نظرات مختلفی ارائه کرده‌اند این خبر در رسانه‌ها منتشر شده و بازتاب گسترده‌ای داشته است و کارشناسان درباره آن نظرات مختلفی ارائه کرده‌اند این خبر در رسانه‌ها منتشر شده و بازتاب گسترده‌ای داشته است و کارشناسان درباره آن نظرات مختلفی ارائه کرده‌اند این خبر در رسانه‌ها منتشر شده و بازتاب گسترده‌ای داشته است و کارشناسان درباره آن نظرات مختلفی ارائه کرده‌اند این خبر در رسانه‌ها منتشر شده و بازتاب گسترده‌ای داشته است و کارشناسان درباره آن نظرات مختلفی ارائه کرده‌اند
● مخالفت گاسکانیان تحریم توجه نکنید
این خبر در رسانه‌ها منتشر شده و بازتاب گسترده‌ای داشته است و کارشناسان درباره آن نظرات مختلفی ارائه کرده‌اند این خبر در رسانه‌ها منتشر شده و بازتاب گسترده‌ای داشته است و کارشناسان درباره آن نظرات مختلفی ارائه کرده‌اند این خبر در رسانه‌ها منتشر شده و بازتاب گسترده‌ای داشته است و کارشناسان درباره آن نظرات مختلفی ارائه کرده‌اند این خبر در رسانه‌ها منتشر شده و بازتاب گسترده‌ای داشته است و کارشناسان درباره آن نظرات مختلفی ارائه کرده‌اند این خبر در رسانه‌ها منتشر شده و بازتاب گسترده‌ای داشته است و کارشناسان درباره آن نظرات مختلفی ارائه کرده‌اند این خبر در رسانه‌ها منتشر شده و بازتاب گسترده‌ای داشته است و کارشناسان درباره آن نظرات مختلفی ارائه کرده‌اند
● دیدار در گاه رکن سال
این خبر در رسانه‌ها منتشر شده و بازتاب گسترده‌ای داشته است و کارشناسان درباره آن نظرات مختلفی ارائه کرده‌اند این خبر در رسانه‌ها منتشر شده و بازتاب گسترده‌ای داشته است و کارشناسان درباره آن نظرات مختلفی ارائه کرده‌اند این خبر در رسانه‌ها منتشر شده و بازتاب گسترده‌ای داشته است و کارشناسان درباره آن نظرات مختلفی ارائه کرده‌اند این خبر در رسانه‌ها منتشر شده و بازتاب گسترده‌ای داشته است و کارشناسان درباره آن نظرات مختلفی ارائه کرده‌اند این خبر در رسانه‌ها منتشر شده و بازتاب گسترده‌ای داشته است و کارشناسان درباره آن نظرات مختلفی ارائه کرده‌اند این خبر در رسانه‌ها منتشر شده و بازتاب گسترده‌ای داشته است و کارشناسان درباره آن نظرات مختلفی ارائه کرده‌اند
● هیچ دلیل بدی برای ما نیست
این خبر در رسانه‌ها منتشر شده و بازتاب گسترده‌ای داشته است و کارشناسان درباره آن نظرات مختلفی ارائه کرده‌اند این خبر در رسانه‌ها منتشر شده و بازتاب گسترده‌ای داشته است و کارشناسان درباره آن نظرات مختلفی ارائه کرده‌اند این خبر در رسانه‌ها منتشر شده و بازتاب گسترده‌ای داشته است و کارشناسان درباره آن نظرات مختلفی ارائه کرده‌اند این خبر در رسانه‌ها منتشر شده و بازتاب گسترده‌ای داشته است و کارشناسان درباره آن نظرات مختلفی ارائه کرده‌اند این خبر در رسانه‌ها منتشر شده و بازتاب گسترده‌ای داشته است و کارشناسان درباره آن نظرات مختلفی ارائه کرده‌اند این خبر در رسانه‌ها منتشر شده و بازتاب گسترده‌ای داشته است و کارشناسان درباره آن نظرات مختلفی ارائه کرده‌اند
● حلت گرما: جمله موتور
این خبر در رسانه‌ها منتشر شده و بازتاب گسترده‌ای داشته است و کارشناسان درباره آن نظرات مختلفی ارائه کرده‌اند این خبر در رسانه‌ها منتشر شده و بازتاب گسترده‌ای داشته است و کارشناسان درباره آن نظرات مختلفی ارائه کرده‌اند این خبر در رسانه‌ها منتشر شده و بازتاب گسترده‌ای داشته است و کارشناسان درباره آن نظرات مختلفی ارائه کرده‌اند این خبر در رسانه‌ها منتشر شده و بازتاب گسترده‌ای داشته است و کارشناسان درباره آن نظرات مختلفی ارائه کرده‌اند این خبر در رسانه‌ها منتشر شده و بازتاب گسترده‌ای داشته است و کارشناسان درباره آن نظرات مختلفی ارائه کرده‌اند این خبر در رسانه‌ها منتشر شده و بازتاب گسترده‌ای داشته است و کارشناسان درباره آن نظرات مختلفی ارائه کرده‌اند
● جان بولتون: جاذابیت ترقه
این خبر در رسانه‌ها منتشر شده و بازتاب گسترده‌ای داشته است و کارشناسان درباره آن نظرات مختلفی ارائه کرده‌اند این خبر در رسانه‌ها منتشر شده و بازتاب گسترده‌ای داشته است و کارشناسان درباره آن نظرات مختلفی ارائه کرده‌اند این خبر در رسانه‌ها منتشر شده و بازتاب گسترده‌ای داشته است و کارشناسان درباره آن نظرات مختلفی ارائه کرده‌اند این خبر در رسانه‌ها منتشر شده و بازتاب گسترده‌ای داشته است و کارشناسان درباره آن نظرات مختلفی ارائه کرده‌اند این خبر در رسانه‌ها منتشر شده و بازتاب گسترده‌ای داشته است و کارشناسان درباره آن نظرات مختلفی ارائه کرده‌اند این خبر در رسانه‌ها منتشر شده و بازتاب گسترده‌ای داشته است و کارشناسان درباره آن نظرات مختلفی ارائه کرده‌اند
● آغاز شده عمل دیگر وقت نمانده است
این خبر در رسانه‌ها منتشر شده و بازتاب گسترده‌ای داشته است و کارشناسان درباره آن نظرات مختلفی ارائه کرده‌اند این خبر در رسانه‌ها منتشر شده و بازتاب گسترده‌ای داشته است و کارشناسان درباره آن نظرات مختلفی ارائه کرده‌اند این خبر در رسانه‌ها منتشر شده و بازتاب گسترده‌ای داشته است و کارشناسان درباره آن نظرات مختلفی ارائه کرده‌اند این خبر در رسانه‌ها منتشر شده و بازتاب گسترده‌ای داشته است و کارشناسان درباره آن نظرات مختلفی ارائه کرده‌اند این خبر در رسانه‌ها منتشر شده و بازتاب گسترده‌ای داشته است و کارشناسان درباره آن نظرات مختلفی ارائه کرده‌اند این خبر در رسانه‌ها منتشر شده و بازتاب گسترده‌ای داشته است و کارشناسان درباره آن نظرات مختلفی ارائه کرده‌اند
● آغاز پاندمی گرفت، پیوستن به ما
این خبر در رسانه‌ها منتشر شده و بازتاب گسترده‌ای داشته است و کارشناسان درباره آن نظرات مختلفی ارائه کرده‌اند این خبر در رسانه‌ها منتشر شده و بازتاب گسترده‌ای داشته است و کارشناسان درباره آن نظرات مختلفی ارائه کرده‌اند این خبر در رسانه‌ها منتشر شده و بازتاب گسترده‌ای داشته است و کارشناسان درباره آن نظرات مختلفی ارائه کرده‌اند این خبر در رسانه‌ها منتشر شده و بازتاب گسترده‌ای داشته است و کارشناسان درباره آن نظرات مختلفی ارائه کرده‌اند این خبر در رسانه‌ها منتشر شده و بازتاب گسترده‌ای داشته است و کارشناسان درباره آن نظرات مختلفی ارائه کرده‌اند این خبر در رسانه‌ها منتشر شده و بازتاب گسترده‌ای داشته است و کارشناسان درباره آن نظرات مختلفی ارائه کرده‌اند
● خصوصی از دهها و خط مستمر
این خبر در رسانه‌ها منتشر شده و بازتاب گسترده‌ای داشته است و کارشناسان درباره آن نظرات مختلفی ارائه کرده‌اند این خبر در رسانه‌ها منتشر شده و بازتاب گسترده‌ای داشته است و کارشناسان درباره آن نظرات مختلفی ارائه کرده‌اند این خبر در رسانه‌ها منتشر شده و بازتاب گسترده‌ای داشته است و کارشناسان درباره آن نظرات مختلفی ارائه کرده‌اند این خبر در رسانه‌ها منتشر شده و بازتاب گسترده‌ای داشته است و کارشناسان درباره آن نظرات مختلفی ارائه کرده‌اند این خبر در رسانه‌ها منتشر شده و بازتاب گسترده‌ای داشته است و کارشناسان درباره آن نظرات مختلفی ارائه کرده‌اند این خبر در رسانه‌ها منتشر شده و بازتاب گسترده‌ای داشته است و کارشناسان درباره آن نظرات مختلفی ارائه کرده‌اند
● آفتاب مرگ گزیده و گروه‌ها
این خبر در رسانه‌ها منتشر شده و بازتاب گسترده‌ای داشته است و کارشناسان درباره آن نظرات مختلفی ارائه کرده‌اند این خبر در رسانه‌ها منتشر شده و بازتاب گسترده‌ای داشته است و کارشناسان درباره آن نظرات مختلفی ارائه کرده‌اند این خبر در رسانه‌ها منتشر شده و بازتاب گسترده‌ای داشته است و کارشناسان درباره آن نظرات مختلفی ارائه کرده‌اند این خبر در رسانه‌ها منتشر شده و بازتاب گسترده‌ای داشته است و کارشناسان درباره آن نظرات مختلفی ارائه کرده‌اند این خبر در رسانه‌ها منتشر شده و بازتاب گسترده‌ای داشته است و کارشناسان درباره آن نظرات مختلفی ارائه کرده‌اند این خبر در رسانه‌ها منتشر شده و بازتاب گسترده‌ای داشته است و کارشناسان درباره آن نظرات مختلفی ارائه کرده‌اند
